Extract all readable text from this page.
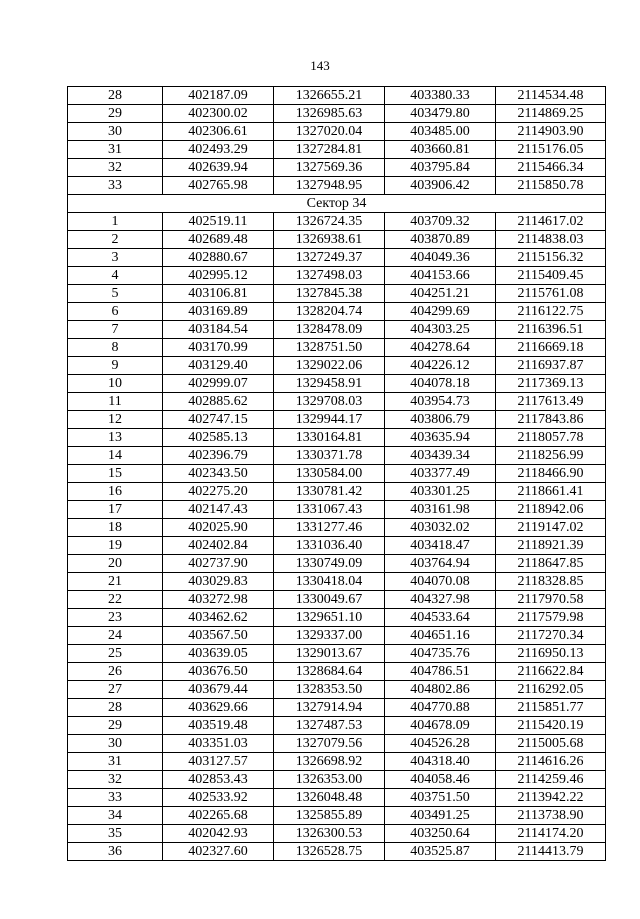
143
28	402187.09	1326655.21	403380.33	2114534.48
29	402300.02	1326985.63	403479.80	2114869.25
30	402306.61	1327020.04	403485.00	2114903.90
31	402493.29	1327284.81	403660.81	2115176.05
32	402639.94	1327569.36	403795.84	2115466.34
33	402765.98	1327948.95	403906.42	2115850.78
Сектор 34				
1	402519.11	1326724.35	403709.32	2114617.02
2	402689.48	1326938.61	403870.89	2114838.03
3	402880.67	1327249.37	404049.36	2115156.32
4	402995.12	1327498.03	404153.66	2115409.45
5	403106.81	1327845.38	404251.21	2115761.08
6	403169.89	1328204.74	404299.69	2116122.75
7	403184.54	1328478.09	404303.25	2116396.51
8	403170.99	1328751.50	404278.64	2116669.18
9	403129.40	1329022.06	404226.12	2116937.87
10	402999.07	1329458.91	404078.18	2117369.13
11	402885.62	1329708.03	403954.73	2117613.49
12	402747.15	1329944.17	403806.79	2117843.86
13	402585.13	1330164.81	403635.94	2118057.78
14	402396.79	1330371.78	403439.34	2118256.99
15	402343.50	1330584.00	403377.49	2118466.90
16	402275.20	1330781.42	403301.25	2118661.41
17	402147.43	1331067.43	403161.98	2118942.06
18	402025.90	1331277.46	403032.02	2119147.02
19	402402.84	1331036.40	403418.47	2118921.39
20	402737.90	1330749.09	403764.94	2118647.85
21	403029.83	1330418.04	404070.08	2118328.85
22	403272.98	1330049.67	404327.98	2117970.58
23	403462.62	1329651.10	404533.64	2117579.98
24	403567.50	1329337.00	404651.16	2117270.34
25	403639.05	1329013.67	404735.76	2116950.13
26	403676.50	1328684.64	404786.51	2116622.84
27	403679.44	1328353.50	404802.86	2116292.05
28	403629.66	1327914.94	404770.88	2115851.77
29	403519.48	1327487.53	404678.09	2115420.19
30	403351.03	1327079.56	404526.28	2115005.68
31	403127.57	1326698.92	404318.40	2114616.26
32	402853.43	1326353.00	404058.46	2114259.46
33	402533.92	1326048.48	403751.50	2113942.22
34	402265.68	1325855.89	403491.25	2113738.90
35	402042.93	1326300.53	403250.64	2114174.20
36	402327.60	1326528.75	403525.87	2114413.79
